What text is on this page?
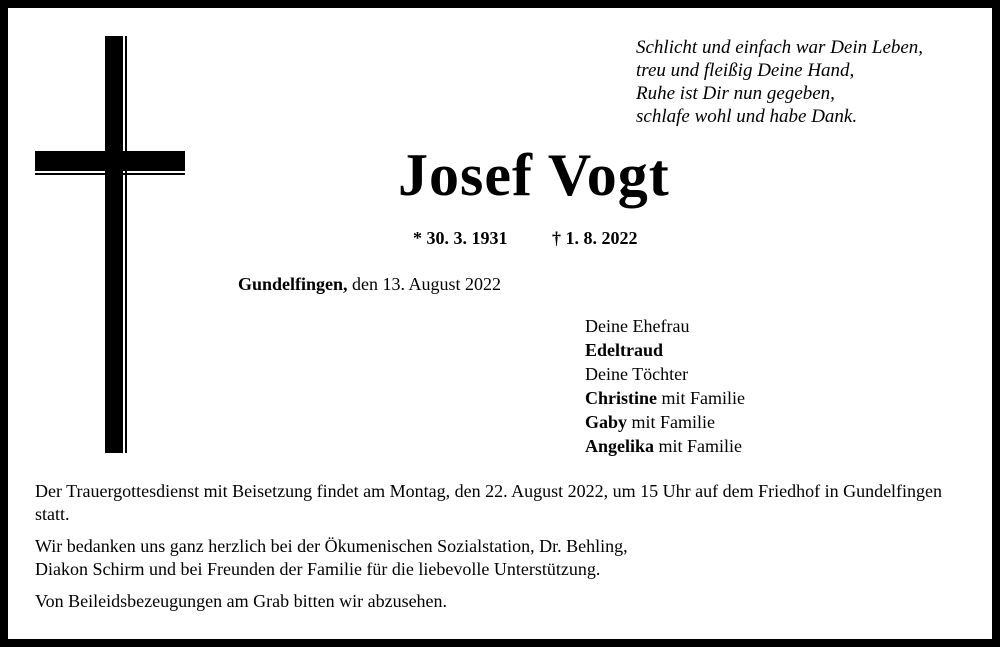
Schlicht und einfach war Dein Leben,
treu und fleißig Deine Hand,
Ruhe ist Dir nun gegeben,
schlafe wohl und habe Dank.
Josef Vogt
* 30. 3. 1931 † 1. 8. 2022
Gundelfingen, den 13. August 2022
Deine Ehefrau
Edeltraud
Deine Töchter
Christine mit Familie
Gaby mit Familie
Angelika mit Familie

Der Trauergottesdienst mit Beisetzung findet am Montag, den 22. August 2022, um 15 Uhr auf dem Friedhof in Gundelfingen statt.

Wir bedanken uns ganz herzlich bei der Ökumenischen Sozialstation, Dr. Behling,
Diakon Schirm und bei Freunden der Familie für die liebevolle Unterstützung.

Von Beileidsbezeugungen am Grab bitten wir abzusehen.
